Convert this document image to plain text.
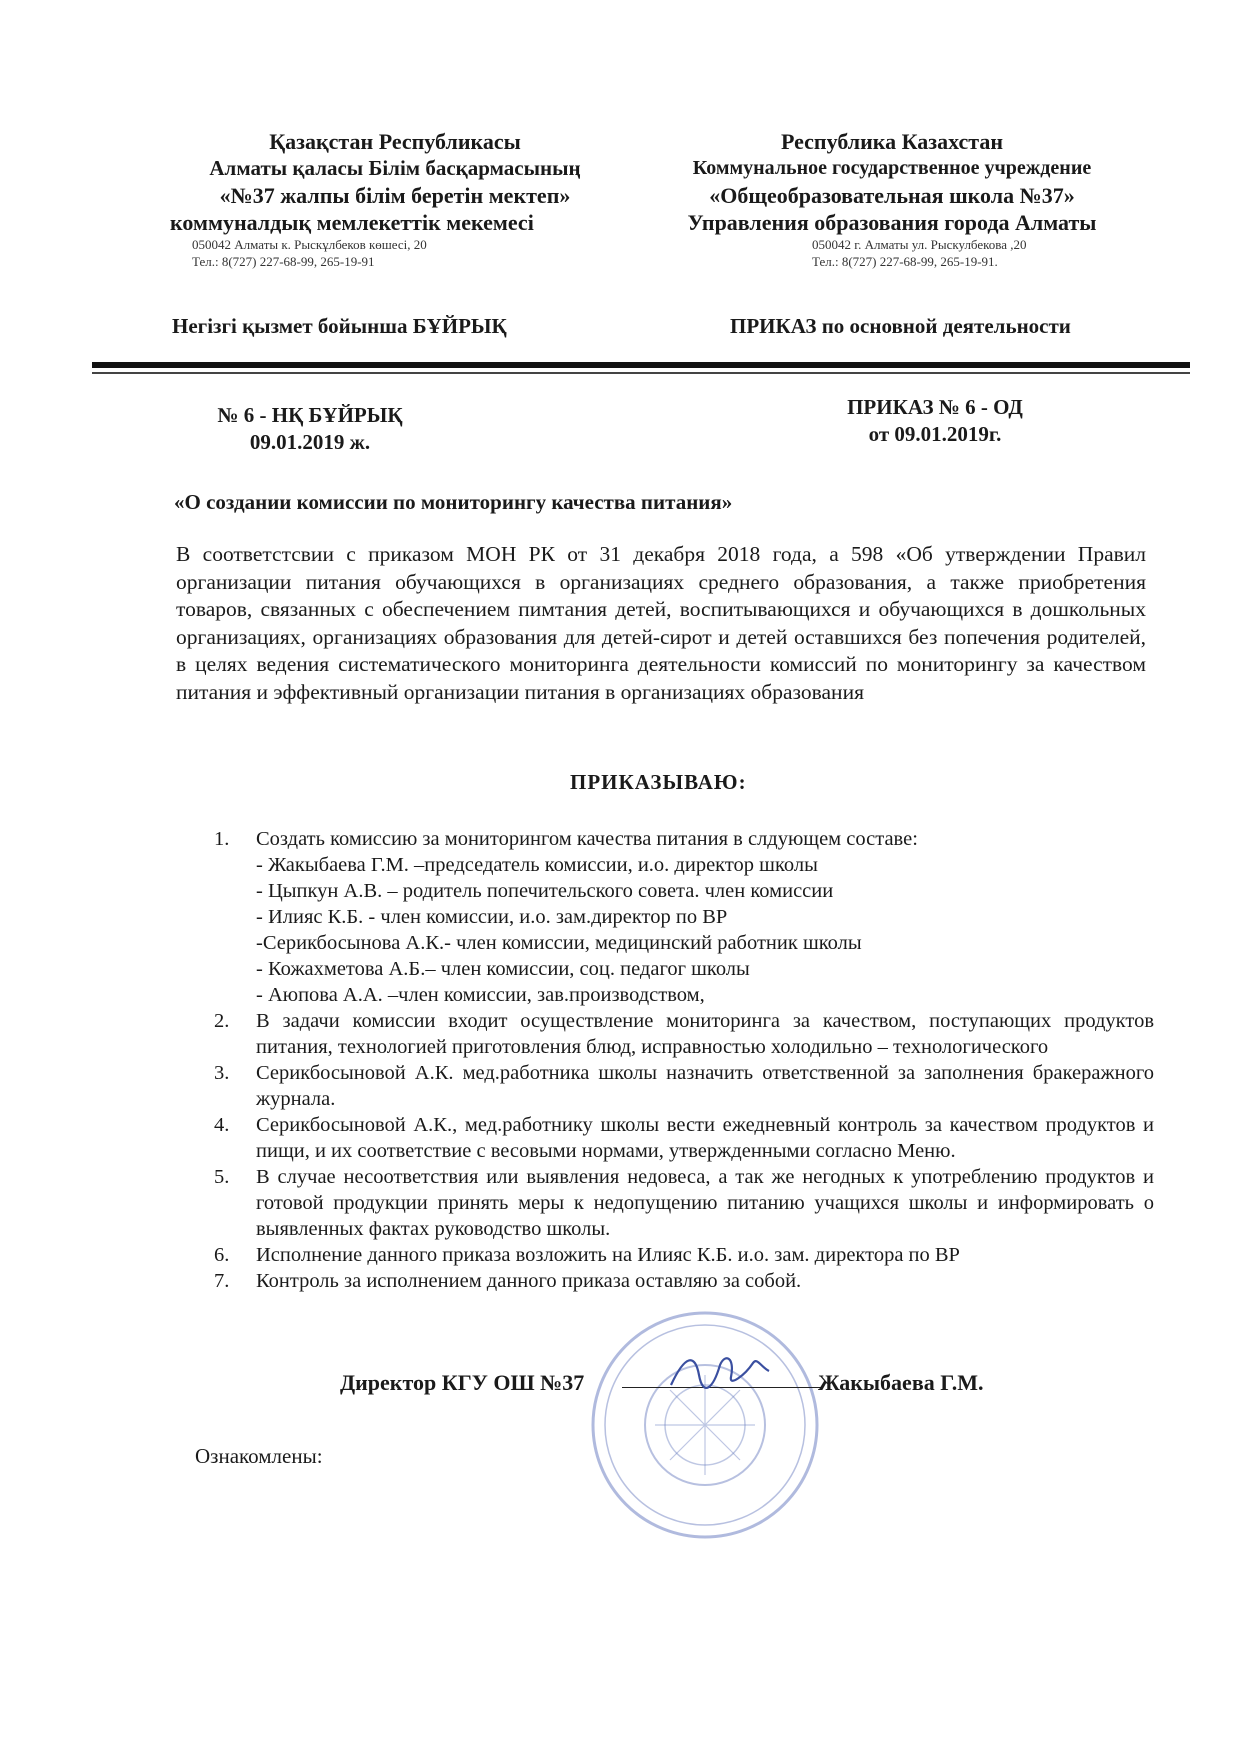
Қазақстан Республикасы
Алматы қаласы Білім басқармасының
«№37 жалпы білім беретін мектеп»
коммуналдық мемлекеттік мекемесі
050042 Алматы к. Рыскұлбеков көшесі, 20
Тел.: 8(727) 227-68-99, 265-19-91
Республика Казахстан
Коммунальное государственное учреждение
«Общеобразовательная школа №37»
Управления образования города Алматы
050042 г. Алматы ул. Рыскулбекова ,20
Тел.: 8(727) 227-68-99, 265-19-91.
Негізгі қызмет бойынша БҰЙРЫҚ	ПРИКАЗ по основной деятельности
№ 6 - НҚ БҰЙРЫҚ
09.01.2019 ж.
ПРИКАЗ № 6 - ОД
от 09.01.2019г.
«О создании комиссии по мониторингу качества питания»
В соответстсвии с приказом МОН РК от 31 декабря 2018 года, а 598 «Об утверждении Правил организации питания обучающихся в организациях среднего образования, а также приобретения товаров, связанных с обеспечением пимтания детей, воспитывающихся и обучающихся в дошкольных организациях, организациях образования для детей-сирот и детей оставшихся без попечения родителей, в целях ведения систематического мониторинга деятельности комиссий по мониторингу за качеством питания и эффективный организации питания в организациях образования
ПРИКАЗЫВАЮ:
1. Создать комиссию за мониторингом качества питания в слдующем составе:
- Жакыбаева Г.М. –председатель комиссии, и.о. директор школы
- Цыпкун А.В. – родитель попечительского совета. член комиссии
- Илияс К.Б. - член комиссии, и.о. зам.директор по ВР
-Серикбосынова А.К.- член комиссии, медицинский работник школы
- Кожахметова А.Б.– член комиссии, соц. педагог школы
- Аюпова А.А. –член комиссии, зав.производством,
2. В задачи комиссии входит осуществление мониторинга за качеством, поступающих продуктов питания, технологией приготовления блюд, исправностью холодильно – технологического
3. Серикбосыновой А.К. мед.работника школы назначить ответственной за заполнения бракеражного журнала.
4. Серикбосыновой А.К., мед.работнику школы вести ежедневный контроль за качеством продуктов и пищи, и их соответствие с весовыми нормами, утвержденными согласно Меню.
5. В случае несоответствия или выявления недовеса, а так же негодных к употреблению продуктов и готовой продукции принять меры к недопущению питанию учащихся школы и информировать о выявленных фактах руководство школы.
6. Исполнение данного приказа возложить на Илияс К.Б. и.о. зам. директора по ВР
7. Контроль за исполнением данного приказа оставляю за собой.
Директор КГУ ОШ №37	Жакыбаева Г.М.
Ознакомлены:
